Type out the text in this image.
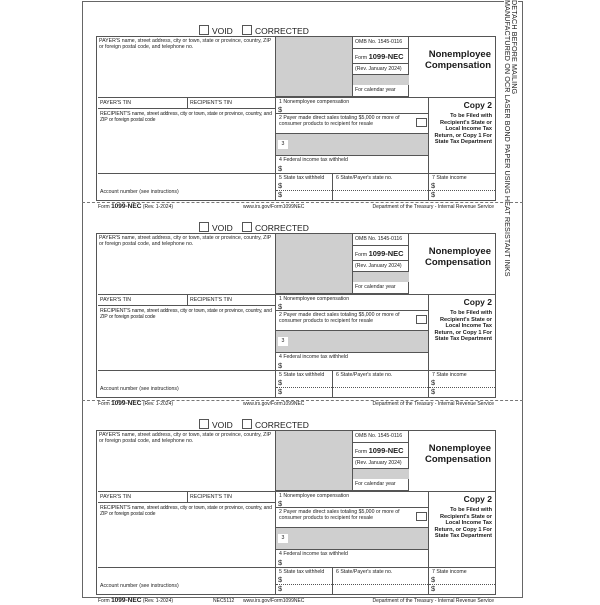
DETACH BEFORE MAILING
MANUFACTURED ON OCR LASER BOND PAPER USING HEAT RESISTANT INKS
VOID	CORRECTED
PAYER'S name, street address, city or town, state or province, country, ZIP or foreign postal code, and telephone no.
OMB No. 1545-0116
Form 1099-NEC
(Rev. January 2024)
For calendar year
Nonemployee Compensation
PAYER'S TIN	RECIPIENT'S TIN
RECIPIENT'S name, street address, city or town, state or province, country, and ZIP or foreign postal code
1 Nonemployee compensation
$
2 Payer made direct sales totaling $5,000 or more of consumer products to recipient for resale
3
4 Federal income tax withheld
$
Copy 2
To be Filed with Recipient's State or Local Income Tax Return, or Copy 1 For State Tax Department
Account number (see instructions)
5 State tax withheld
$
$
6 State/Payer's state no.	7 State income
$
$
Form 1099-NEC (Rev. 1-2024)	www.irs.gov/Form1099NEC	Department of the Treasury - Internal Revenue Service
VOID	CORRECTED
PAYER'S name, street address, city or town, state or province, country, ZIP or foreign postal code, and telephone no.
OMB No. 1545-0116
Form 1099-NEC
(Rev. January 2024)
For calendar year
Nonemployee Compensation
PAYER'S TIN	RECIPIENT'S TIN
RECIPIENT'S name, street address, city or town, state or province, country, and ZIP or foreign postal code
1 Nonemployee compensation
$
2 Payer made direct sales totaling $5,000 or more of consumer products to recipient for resale
3
4 Federal income tax withheld
$
Copy 2
To be Filed with Recipient's State or Local Income Tax Return, or Copy 1 For State Tax Department
Account number (see instructions)
5 State tax withheld
$
$
6 State/Payer's state no.	7 State income
$
$
Form 1099-NEC (Rev. 1-2024)	www.irs.gov/Form1099NEC	Department of the Treasury - Internal Revenue Service
VOID	CORRECTED
PAYER'S name, street address, city or town, state or province, country, ZIP or foreign postal code, and telephone no.
OMB No. 1545-0116
Form 1099-NEC
(Rev. January 2024)
For calendar year
Nonemployee Compensation
PAYER'S TIN	RECIPIENT'S TIN
RECIPIENT'S name, street address, city or town, state or province, country, and ZIP or foreign postal code
1 Nonemployee compensation
$
2 Payer made direct sales totaling $5,000 or more of consumer products to recipient for resale
3
4 Federal income tax withheld
$
Copy 2
To be Filed with Recipient's State or Local Income Tax Return, or Copy 1 For State Tax Department
Account number (see instructions)
5 State tax withheld
$
$
6 State/Payer's state no.	7 State income
$
$
Form 1099-NEC (Rev. 1-2024)	NEC5112 www.irs.gov/Form1099NEC	Department of the Treasury - Internal Revenue Service
